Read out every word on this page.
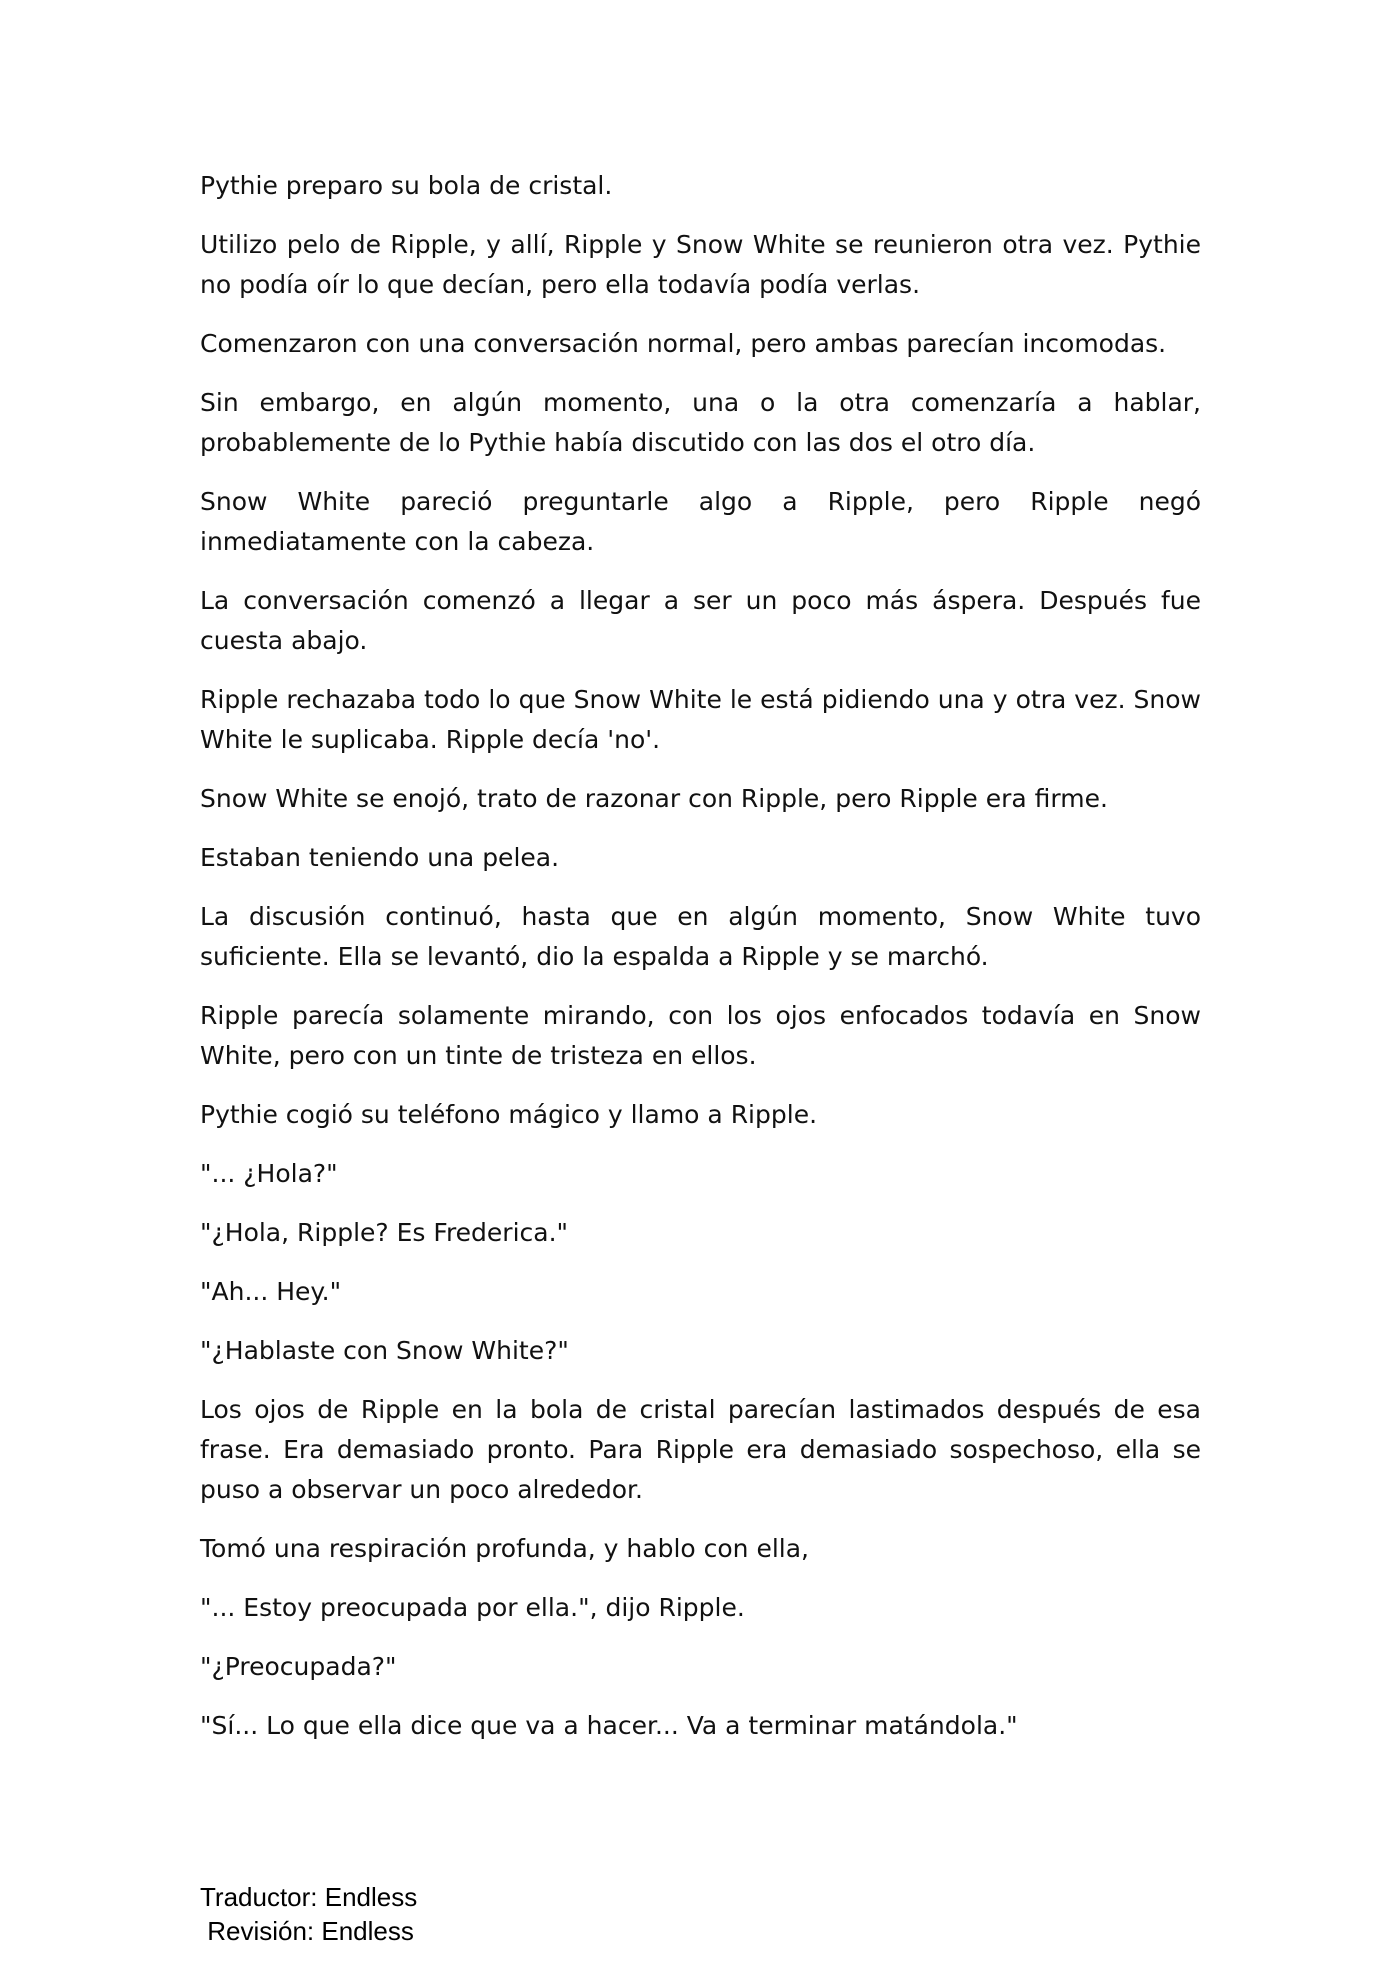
Pythie preparo su bola de cristal.

Utilizo pelo de Ripple, y allí, Ripple y Snow White se reunieron otra vez. Pythie no podía oír lo que decían, pero ella todavía podía verlas.

Comenzaron con una conversación normal, pero ambas parecían incomodas.

Sin embargo, en algún momento, una o la otra comenzaría a hablar, probablemente de lo Pythie había discutido con las dos el otro día.

Snow White pareció preguntarle algo a Ripple, pero Ripple negó inmediatamente con la cabeza.

La conversación comenzó a llegar a ser un poco más áspera. Después fue cuesta abajo.

Ripple rechazaba todo lo que Snow White le está pidiendo una y otra vez. Snow White le suplicaba. Ripple decía 'no'.

Snow White se enojó, trato de razonar con Ripple, pero Ripple era firme.

Estaban teniendo una pelea.

La discusión continuó, hasta que en algún momento, Snow White tuvo suficiente. Ella se levantó, dio la espalda a Ripple y se marchó.

Ripple parecía solamente mirando, con los ojos enfocados todavía en Snow White, pero con un tinte de tristeza en ellos.

Pythie cogió su teléfono mágico y llamo a Ripple.

"... ¿Hola?"

"¿Hola, Ripple? Es Frederica."

"Ah... Hey."

"¿Hablaste con Snow White?"

Los ojos de Ripple en la bola de cristal parecían lastimados después de esa frase. Era demasiado pronto. Para Ripple era demasiado sospechoso, ella se puso a observar un poco alrededor.

Tomó una respiración profunda, y hablo con ella,

"... Estoy preocupada por ella.", dijo Ripple.

"¿Preocupada?"

"Sí... Lo que ella dice que va a hacer... Va a terminar matándola."

Traductor: Endless
Revisión: Endless
